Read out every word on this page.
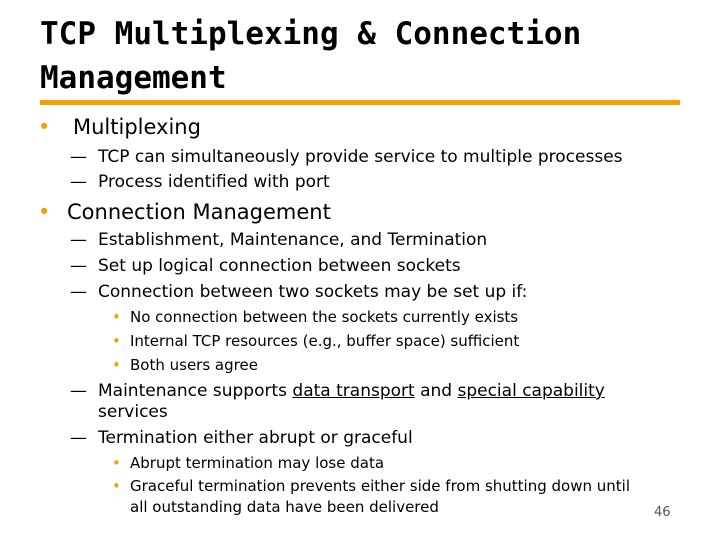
TCP Multiplexing & Connection
Management
• Multiplexing
— TCP can simultaneously provide service to multiple processes
— Process identified with port
• Connection Management
— Establishment, Maintenance, and Termination
— Set up logical connection between sockets
— Connection between two sockets may be set up if:
• No connection between the sockets currently exists
• Internal TCP resources (e.g., buffer space) sufficient
• Both users agree
— Maintenance supports data transport and special capability
services
— Termination either abrupt or graceful
• Abrupt termination may lose data
• Graceful termination prevents either side from shutting down until
all outstanding data have been delivered	46
